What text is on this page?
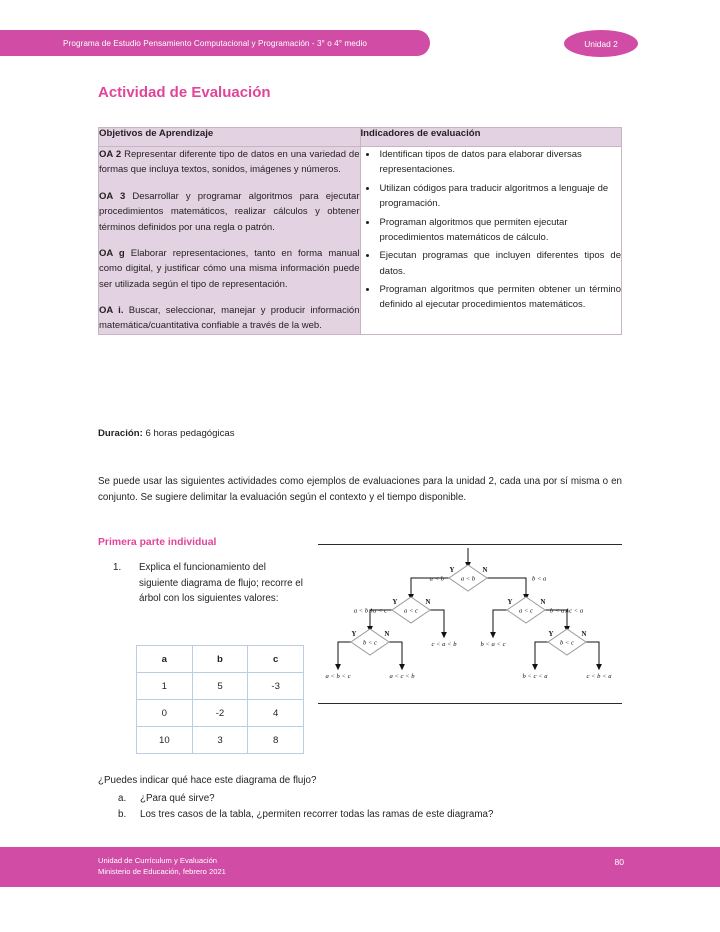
Programa de Estudio Pensamiento Computacional y Programación - 3° o 4° medio	Unidad 2
Actividad de Evaluación
Objetivos de Aprendizaje	Indicadores de evaluación

OA 2 Representar diferente tipo de datos en una variedad de formas que incluya textos, sonidos, imágenes y números.

OA 3 Desarrollar y programar algoritmos para ejecutar procedimientos matemáticos, realizar cálculos y obtener términos definidos por una regla o patrón.

OA g Elaborar representaciones, tanto en forma manual como digital, y justificar cómo una misma información puede ser utilizada según el tipo de representación.

OA i. Buscar, seleccionar, manejar y producir información matemática/cuantitativa confiable a través de la web.

• Identifican tipos de datos para elaborar diversas representaciones.
• Utilizan códigos para traducir algoritmos a lenguaje de programación.
• Programan algoritmos que permiten ejecutar procedimientos matemáticos de cálculo.
• Ejecutan programas que incluyen diferentes tipos de datos.
• Programan algoritmos que permiten obtener un término definido al ejecutar procedimientos matemáticos.
Duración: 6 horas pedagógicas
Se puede usar las siguientes actividades como ejemplos de evaluaciones para la unidad 2, cada una por sí misma o en conjunto. Se sugiere delimitar la evaluación según el contexto y el tiempo disponible.
Primera parte individual
1.	Explica el funcionamiento del siguiente diagrama de flujo; recorre el árbol con los siguientes valores:
a	b	c
1	5	-3
0	-2	4
10	3	8
a < b
Y	N
a < c
Y	N
a < c
Y	N
b < c
Y	N
b < c
Y	N
a < b	b < a
a < b∧a < c	b < a∧c < a
a < b < c	a < c < b
c < a < b	b < a < c
b < c < a	c < b < a
¿Puedes indicar qué hace este diagrama de flujo?
a. ¿Para qué sirve?
b. Los tres casos de la tabla, ¿permiten recorrer todas las ramas de este diagrama?
Unidad de Currículum y Evaluación
Ministerio de Educación, febrero 2021
80
